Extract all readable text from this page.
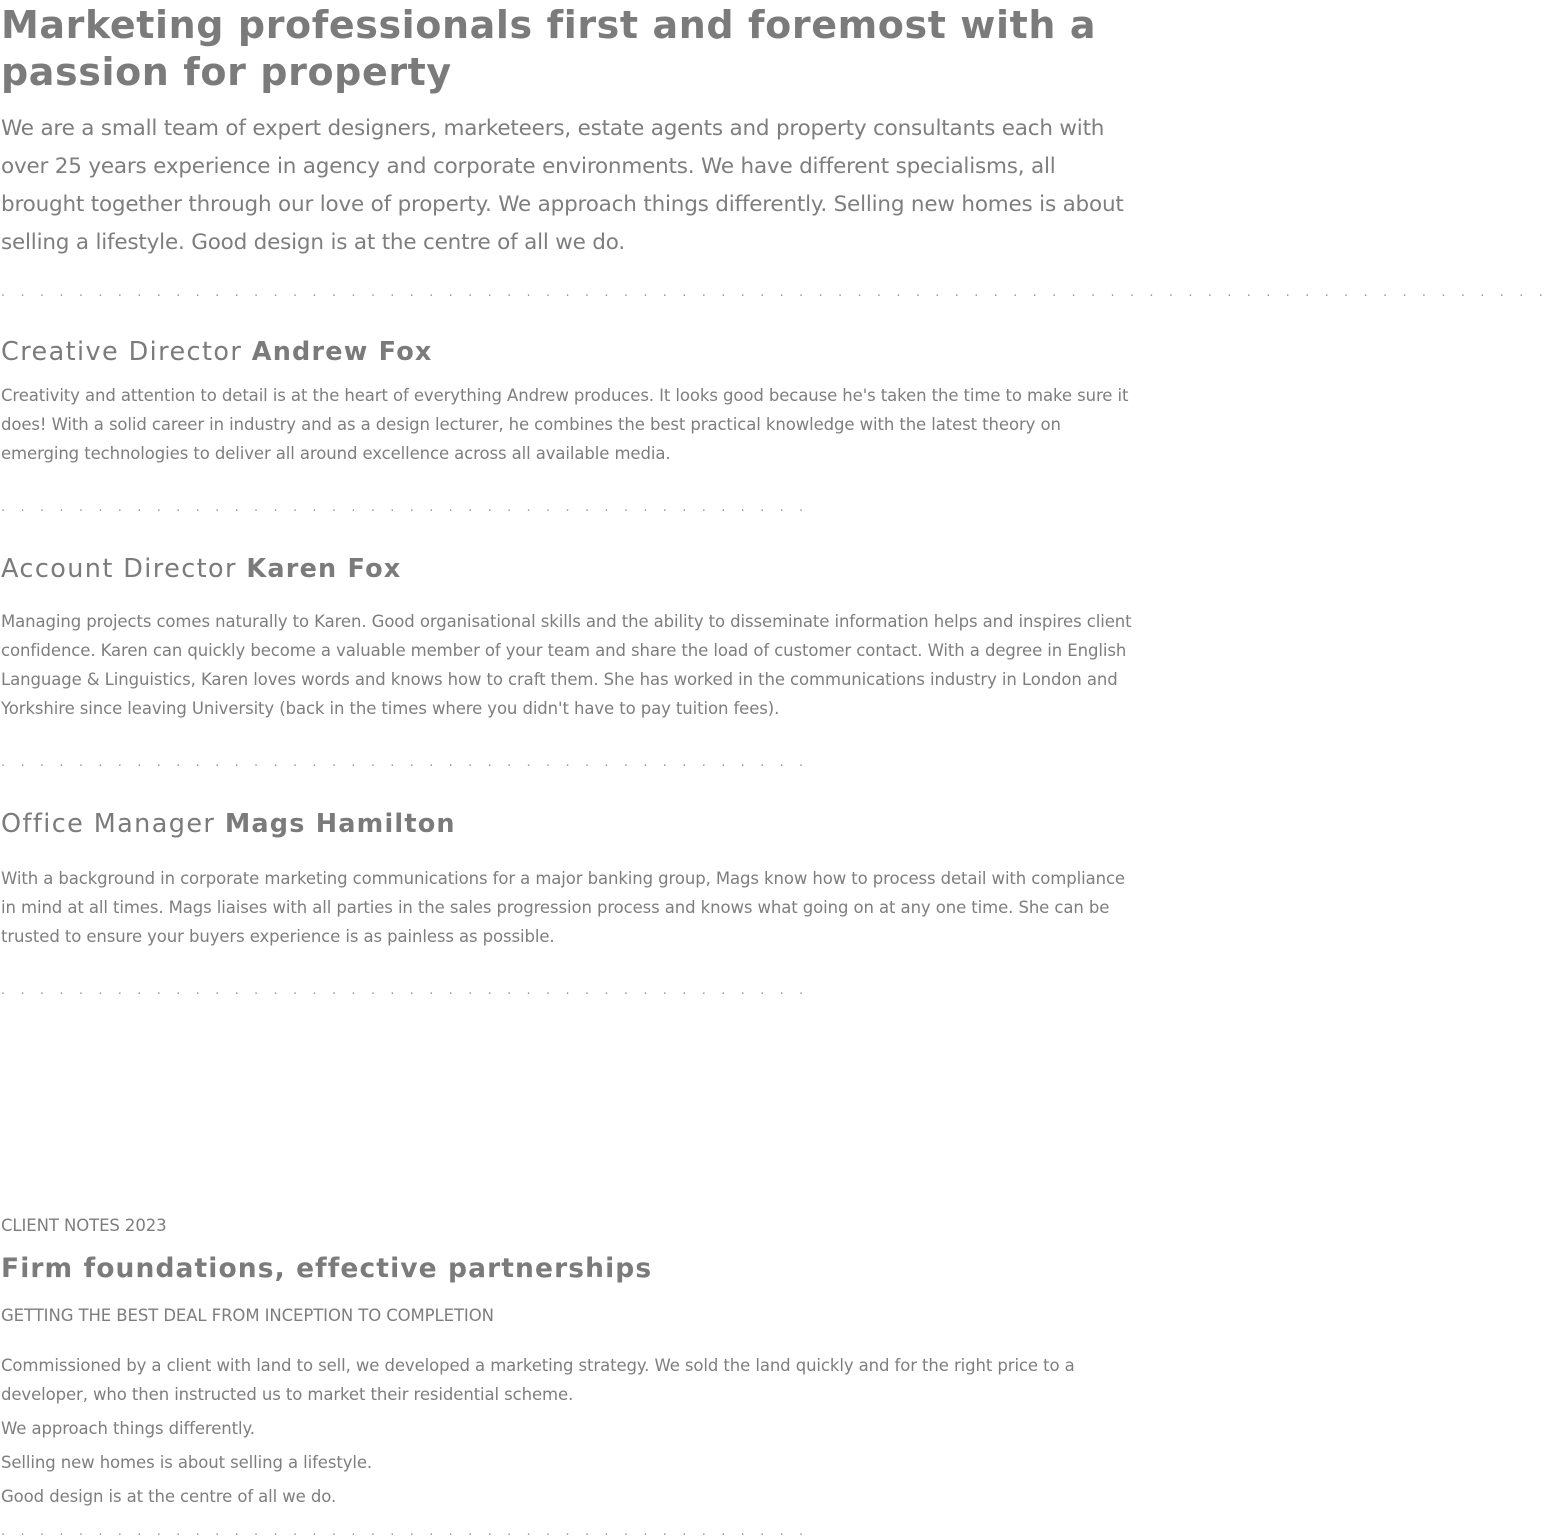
Marketing professionals first and foremost with a passion for property

We are a small team of expert designers, marketeers, estate agents and property consultants each with over 25 years experience in agency and corporate environments. We have different specialisms, all brought together through our love of property. We approach things differently. Selling new homes is about selling a lifestyle. Good design is at the centre of all we do.

. . . . . . . . . . . . . . . . . . . . . . . . . . . . . . . . . . . . . . . . . . . . . . . . . . . . . . . . . . . . . . . . . . . . . . . . . . . . . . . .
Creative Director Andrew Fox

Creativity and attention to detail is at the heart of everything Andrew produces. It looks good because he's taken the time to make sure it does! With a solid career in industry and as a design lecturer, he combines the best practical knowledge with the latest theory on emerging technologies to deliver all around excellence across all available media.

. . . . . . . . . . . . . . . . . . . . . . . . . . . . . . . . . . . . . . . . . .
Account Director Karen Fox

Managing projects comes naturally to Karen. Good organisational skills and the ability to disseminate information helps and inspires client confidence. Karen can quickly become a valuable member of your team and share the load of customer contact. With a degree in English Language & Linguistics, Karen loves words and knows how to craft them. She has worked in the communications industry in London and Yorkshire since leaving University (back in the times where you didn't have to pay tuition fees).

. . . . . . . . . . . . . . . . . . . . . . . . . . . . . . . . . . . . . . . . . .
Office Manager Mags Hamilton

With a background in corporate marketing communications for a major banking group, Mags know how to process detail with compliance in mind at all times. Mags liaises with all parties in the sales progression process and knows what going on at any one time. She can be trusted to ensure your buyers experience is as painless as possible.

. . . . . . . . . . . . . . . . . . . . . . . . . . . . . . . . . . . . . . . . . .

CLIENT NOTES 2023

Firm foundations, effective partnerships

GETTING THE BEST DEAL FROM INCEPTION TO COMPLETION

Commissioned by a client with land to sell, we developed a marketing strategy. We sold the land quickly and for the right price to a developer, who then instructed us to market their residential scheme.

We approach things differently.

Selling new homes is about selling a lifestyle.

Good design is at the centre of all we do.

. . . . . . . . . . . . . . . . . . . . . . . . . . . . . . . . . . . . . . . . . .
